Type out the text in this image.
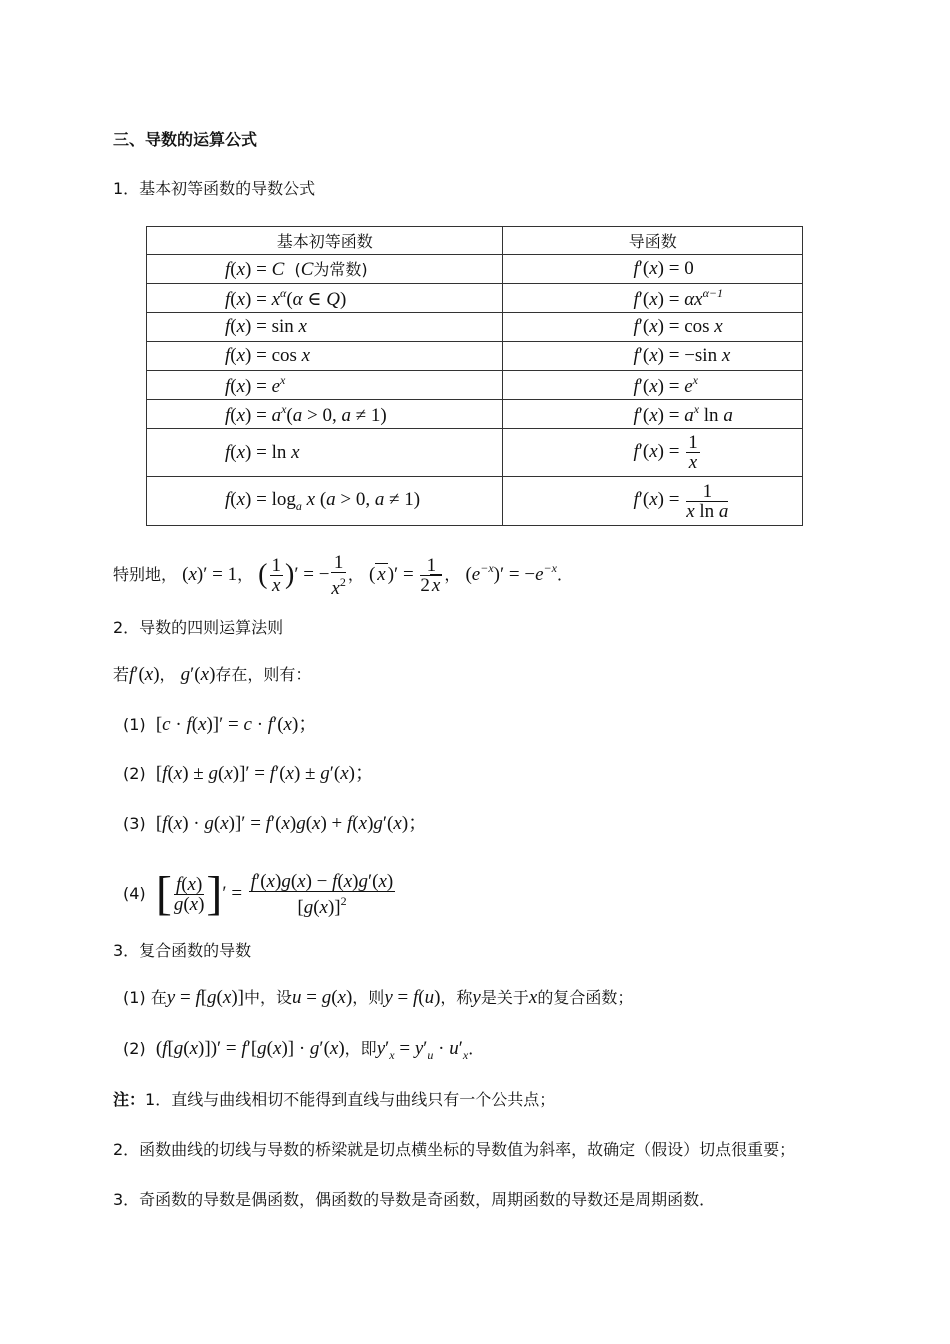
三、导数的运算公式
1．基本初等函数的导数公式
基本初等函数	导函数
f(x) = C  (C为常数)	f′(x) = 0
$f(x) = x^\alpha(\alpha$ ∈ Q)	$f'(x) = \alpha x^{\alpha-1}$
f(x) = sin x	f′(x) = cos x
f(x) = cos x	f′(x) = −sin x
$f(x) = e^x$	$f'(x) = e^x$
$f(x) = a^x(a > 0$, a ≠ 1)	$f'(x) = a^x$ ln a
f(x) = ln x	$f'(x) = \frac{1}{x}$

$f(x) = \log_a x$ (a > 0, a ≠ 1)	$f'(x) = \frac{1}{\text{x ln a}}$
特别地， (x)′ = 1， ( $\frac{1}{x}$ )′ = − $\frac{1}{x^2}$ ， ( x )′ = $\frac{1}{2 x}$ ， $(e^{-x})' = -e^{-x}$．
2．导数的四则运算法则
若f′(x)， g′(x)存在，则有：
(1) [c · f(x)]′ = c · f′(x)；
(2) [f(x) ± g(x)]′ = f′(x) ± g′(x)；
(3) [f(x) · g(x)]′ = f′(x)g(x) + f(x)g′(x)；
(4) [ $\frac{f(x)}{g(x)}$ ]′ = $\frac{f'(x)g(x) - f(x)g'(x)}{[g(x)]^2}$
3．复合函数的导数
(1) 在y = f[g(x)]中，设u = g(x)，则y = f(u)，称y是关于x的复合函数；
(2) (f[g(x)])′ = f′[g(x)] · g′(x)，即$y'_x = y'_u \cdot u'_x$．
注：1．直线与曲线相切不能得到直线与曲线只有一个公共点；
2．函数曲线的切线与导数的桥梁就是切点横坐标的导数值为斜率，故确定（假设）切点很重要；
3．奇函数的导数是偶函数，偶函数的导数是奇函数，周期函数的导数还是周期函数．
